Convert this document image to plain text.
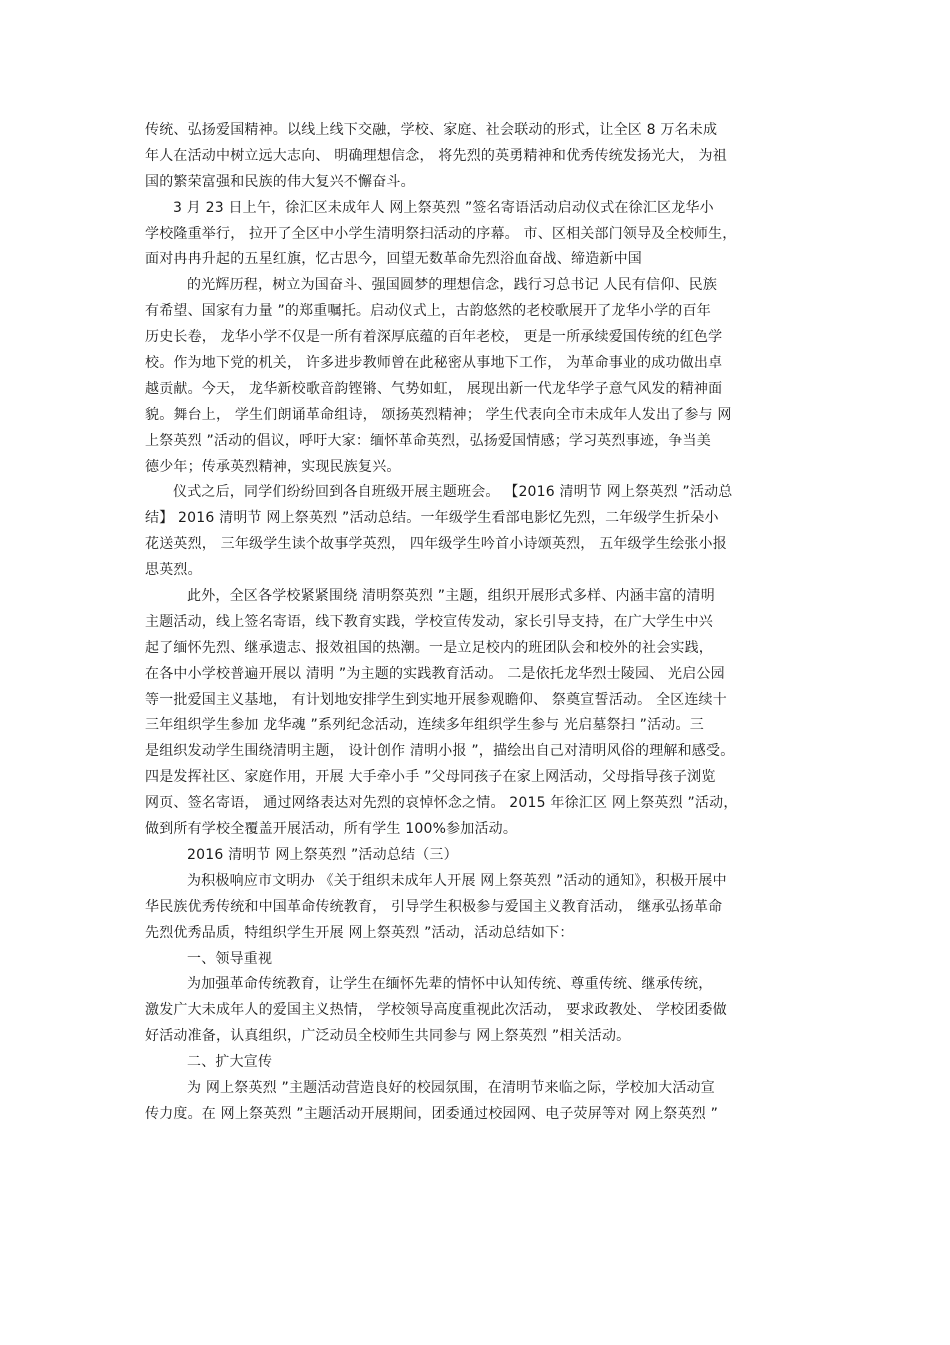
传统、弘扬爱国精神。以线上线下交融，学校、家庭、社会联动的形式，让全区 8 万名未成
年人在活动中树立远大志向、 明确理想信念， 将先烈的英勇精神和优秀传统发扬光大， 为祖
国的繁荣富强和民族的伟大复兴不懈奋斗。
3 月 23 日上午，徐汇区未成年人 网上祭英烈 ”签名寄语活动启动仪式在徐汇区龙华小
学校隆重举行， 拉开了全区中小学生清明祭扫活动的序幕。 市、区相关部门领导及全校师生，
面对冉冉升起的五星红旗，忆古思今，回望无数革命先烈浴血奋战、缔造新中国
的光辉历程，树立为国奋斗、强国圆梦的理想信念，践行习总书记 人民有信仰、民族
有希望、国家有力量 ”的郑重嘱托。启动仪式上，古韵悠然的老校歌展开了龙华小学的百年
历史长卷， 龙华小学不仅是一所有着深厚底蕴的百年老校， 更是一所承续爱国传统的红色学
校。作为地下党的机关， 许多进步教师曾在此秘密从事地下工作， 为革命事业的成功做出卓
越贡献。今天， 龙华新校歌音韵铿锵、气势如虹， 展现出新一代龙华学子意气风发的精神面
貌。舞台上， 学生们朗诵革命组诗， 颂扬英烈精神； 学生代表向全市未成年人发出了参与 网
上祭英烈 ”活动的倡议，呼吁大家：缅怀革命英烈，弘扬爱国情感；学习英烈事迹，争当美
德少年；传承英烈精神，实现民族复兴。
仪式之后，同学们纷纷回到各自班级开展主题班会。 【2016 清明节 网上祭英烈 ”活动总
结】 2016 清明节 网上祭英烈 ”活动总结。一年级学生看部电影忆先烈，二年级学生折朵小
花送英烈， 三年级学生读个故事学英烈， 四年级学生吟首小诗颂英烈， 五年级学生绘张小报
思英烈。
此外，全区各学校紧紧围绕 清明祭英烈 ”主题，组织开展形式多样、内涵丰富的清明
主题活动，线上签名寄语，线下教育实践，学校宣传发动，家长引导支持，在广大学生中兴
起了缅怀先烈、继承遗志、报效祖国的热潮。一是立足校内的班团队会和校外的社会实践，
在各中小学校普遍开展以 清明 ”为主题的实践教育活动。 二是依托龙华烈士陵园、 光启公园
等一批爱国主义基地， 有计划地安排学生到实地开展参观瞻仰、 祭奠宣誓活动。 全区连续十
三年组织学生参加 龙华魂 ”系列纪念活动，连续多年组织学生参与 光启墓祭扫 ”活动。三
是组织发动学生围绕清明主题， 设计创作 清明小报 ”，描绘出自己对清明风俗的理解和感受。
四是发挥社区、家庭作用，开展 大手牵小手 ”父母同孩子在家上网活动，父母指导孩子浏览
网页、签名寄语， 通过网络表达对先烈的哀悼怀念之情。 2015 年徐汇区 网上祭英烈 ”活动，
做到所有学校全覆盖开展活动，所有学生 100%参加活动。
2016 清明节 网上祭英烈 ”活动总结（三）
为积极响应市文明办 《关于组织未成年人开展 网上祭英烈 ”活动的通知》，积极开展中
华民族优秀传统和中国革命传统教育， 引导学生积极参与爱国主义教育活动， 继承弘扬革命
先烈优秀品质，特组织学生开展 网上祭英烈 ”活动，活动总结如下：
一、领导重视
为加强革命传统教育，让学生在缅怀先辈的情怀中认知传统、尊重传统、继承传统，
激发广大未成年人的爱国主义热情， 学校领导高度重视此次活动， 要求政教处、 学校团委做
好活动准备，认真组织，广泛动员全校师生共同参与 网上祭英烈 ”相关活动。
二、扩大宣传
为 网上祭英烈 ”主题活动营造良好的校园氛围，在清明节来临之际，学校加大活动宣
传力度。在 网上祭英烈 ”主题活动开展期间，团委通过校园网、电子荧屏等对 网上祭英烈 ”
